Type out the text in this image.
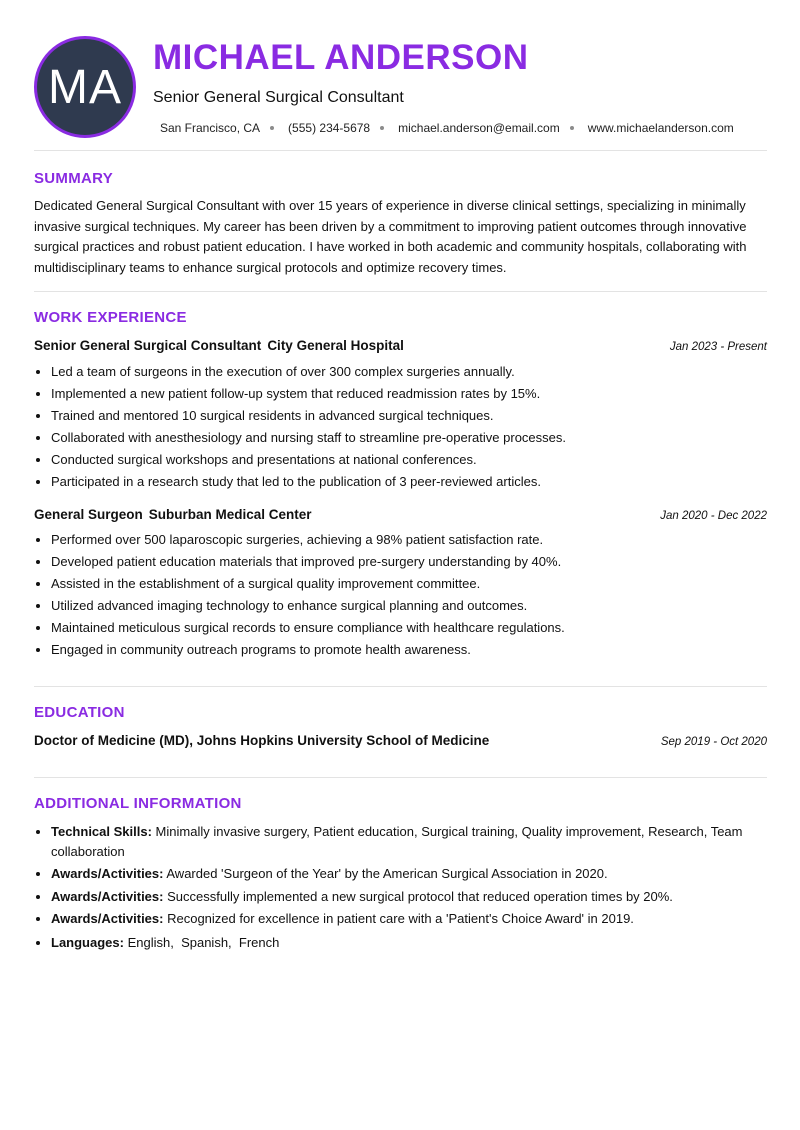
MA
MICHAEL ANDERSON
Senior General Surgical Consultant
San Francisco, CA (555) 234-5678 michael.anderson@email.com www.michaelanderson.com
SUMMARY

Dedicated General Surgical Consultant with over 15 years of experience in diverse clinical settings, specializing in minimally invasive surgical techniques. My career has been driven by a commitment to improving patient outcomes through innovative surgical practices and robust patient education. I have worked in both academic and community hospitals, collaborating with multidisciplinary teams to enhance surgical protocols and optimize recovery times.

WORK EXPERIENCE
Senior General Surgical Consultant City General Hospital	Jan 2023 - Present
• Led a team of surgeons in the execution of over 300 complex surgeries annually.
• Implemented a new patient follow-up system that reduced readmission rates by 15%.
• Trained and mentored 10 surgical residents in advanced surgical techniques.
• Collaborated with anesthesiology and nursing staff to streamline pre-operative processes.
• Conducted surgical workshops and presentations at national conferences.
• Participated in a research study that led to the publication of 3 peer-reviewed articles.
General Surgeon Suburban Medical Center	Jan 2020 - Dec 2022
• Performed over 500 laparoscopic surgeries, achieving a 98% patient satisfaction rate.
• Developed patient education materials that improved pre-surgery understanding by 40%.
• Assisted in the establishment of a surgical quality improvement committee.
• Utilized advanced imaging technology to enhance surgical planning and outcomes.
• Maintained meticulous surgical records to ensure compliance with healthcare regulations.
• Engaged in community outreach programs to promote health awareness.
EDUCATION
Doctor of Medicine (MD), Johns Hopkins University School of Medicine	Sep 2019 - Oct 2020
ADDITIONAL INFORMATION
• Technical Skills: Minimally invasive surgery, Patient education, Surgical training, Quality improvement, Research, Team collaboration
• Awards/Activities: Awarded 'Surgeon of the Year' by the American Surgical Association in 2020.
• Awards/Activities: Successfully implemented a new surgical protocol that reduced operation times by 20%.
• Awards/Activities: Recognized for excellence in patient care with a 'Patient's Choice Award' in 2019.
• Languages: English,  Spanish,  French
